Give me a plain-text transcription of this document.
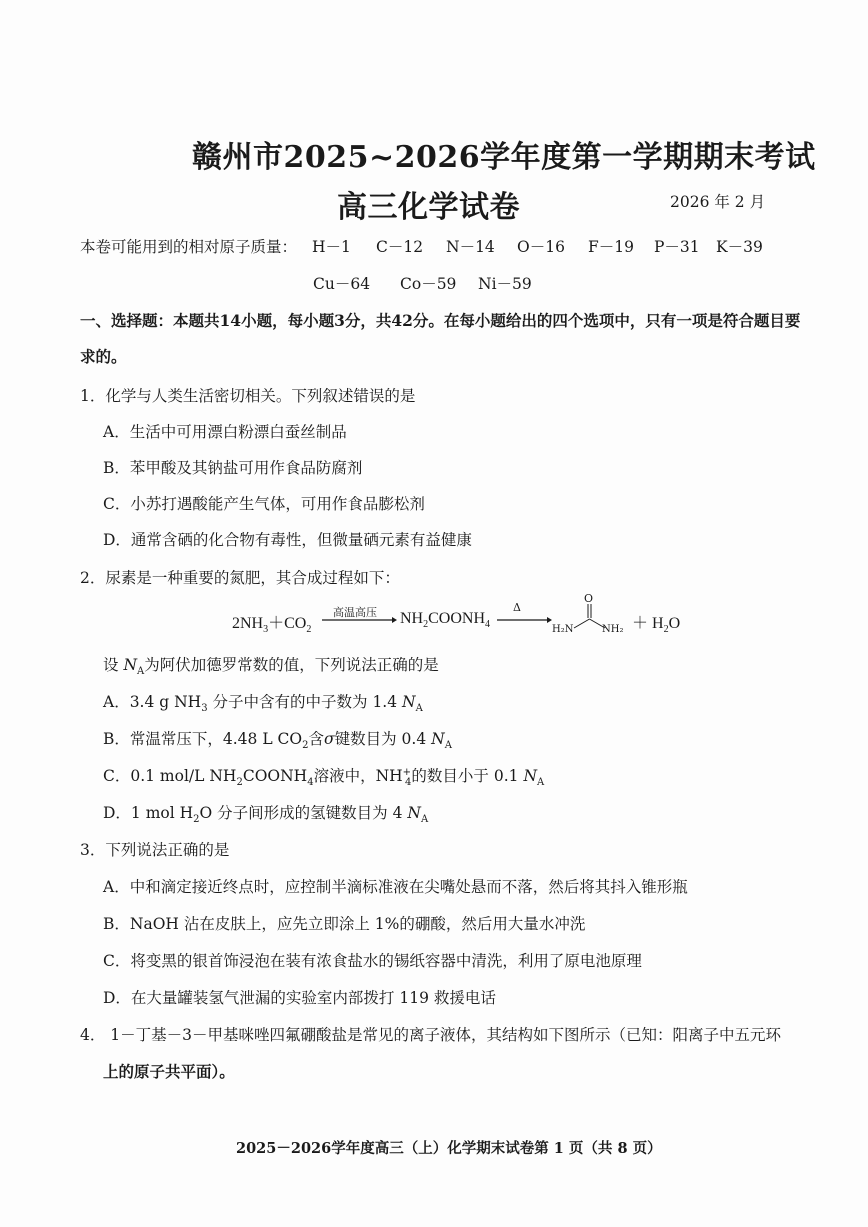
赣州市2025~2026学年度第一学期期末考试
高三化学试卷	2026 年 2 月
本卷可能用到的相对原子质量： H－1 C－12 N－14 O－16 F－19 P－31 K－39
Cu－64 Co－59 Ni－59
一、选择题：本题共14小题，每小题3分，共42分。在每小题给出的四个选项中，只有一项是符合题目要
求的。
1．化学与人类生活密切相关。下列叙述错误的是
A．生活中可用漂白粉漂白蚕丝制品
B．苯甲酸及其钠盐可用作食品防腐剂
C．小苏打遇酸能产生气体，可用作食品膨松剂
D．通常含硒的化合物有毒性，但微量硒元素有益健康
2．尿素是一种重要的氮肥，其合成过程如下：
$2NH_3+CO_2$
高温高压 $NH_2COONH_4$
Δ
O
H₂N	$NH_2 + H_2O$
设 $N_A$为阿伏加德罗常数的值，下列说法正确的是
A．3.4 g $NH_3$ 分子中含有的中子数为 1.4 $N_A$
B．常温常压下，4.48 L $CO_2$含σ键数目为 0.4 $N_A$
C．0.1 mol/L $NH_2COONH_4$溶液中，$NH^+_4$的数目小于 0.1 $N_A$
D．1 mol $H_2O$ 分子间形成的氢键数目为 4 $N_A$
3．下列说法正确的是
A．中和滴定接近终点时，应控制半滴标准液在尖嘴处悬而不落，然后将其抖入锥形瓶
B．NaOH 沾在皮肤上，应先立即涂上 1%的硼酸，然后用大量水冲洗
C．将变黑的银首饰浸泡在装有浓食盐水的锡纸容器中清洗，利用了原电池原理
D．在大量罐装氢气泄漏的实验室内部拨打 119 救援电话
4． 1－丁基－3－甲基咪唑四氟硼酸盐是常见的离子液体，其结构如下图所示（已知：阳离子中五元环
上的原子共平面）。
2025－2026学年度高三（上）化学期末试卷第 1 页（共 8 页）
